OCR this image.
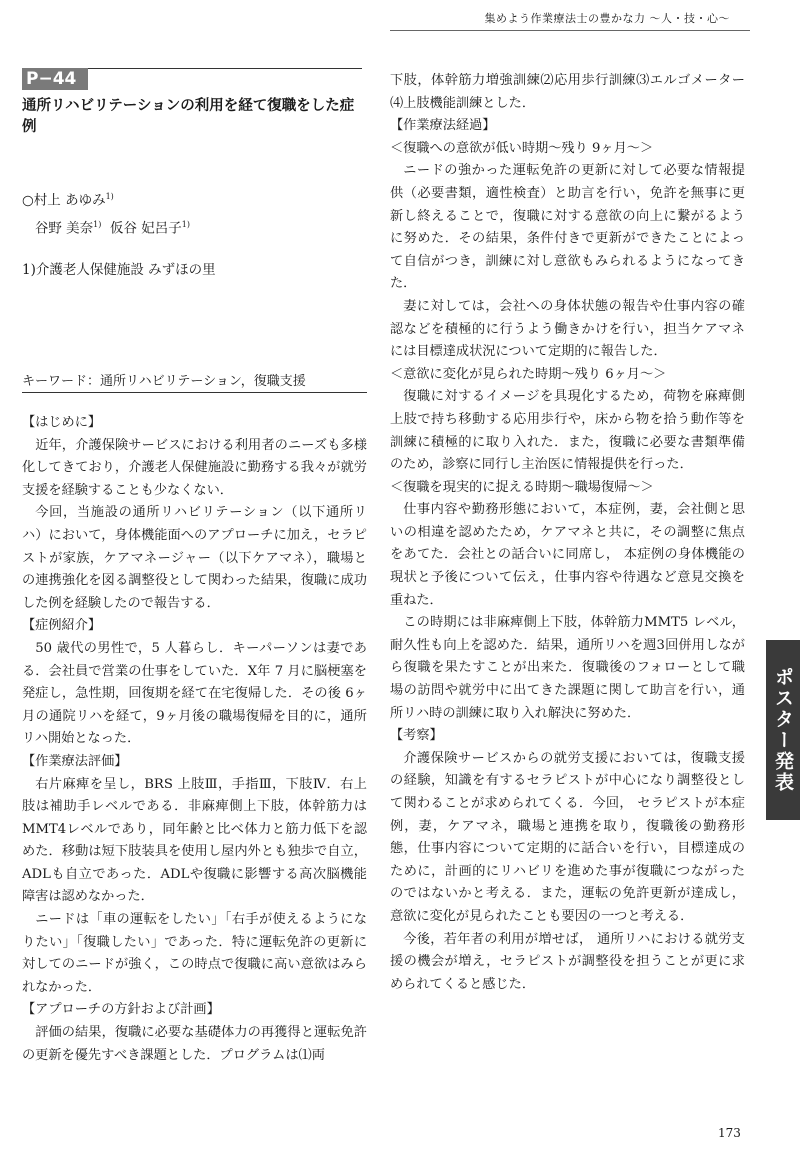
集めよう作業療法士の豊かな力 〜人・技・心〜
P−44
通所リハビリテーションの利用を経て復職をした症例
○村上 あゆみ$^{1)}$
谷野 美奈$^{1)}$ 仮谷 妃呂子$^{1)}$
1)介護老人保健施設 みずほの里
キーワード：通所リハビリテーション，復職支援

【はじめに】

近年，介護保険サービスにおける利用者のニーズも多様化してきており，介護老人保健施設に勤務する我々が就労支援を経験することも少なくない．

今回，当施設の通所リハビリテーション（以下通所リハ）において，身体機能面へのアプローチに加え，セラピストが家族，ケアマネージャー（以下ケアマネ），職場との連携強化を図る調整役として関わった結果，復職に成功した例を経験したので報告する．

【症例紹介】

50 歳代の男性で，5 人暮らし．キーパーソンは妻である．会社員で営業の仕事をしていた．X年 7 月に脳梗塞を発症し，急性期，回復期を経て在宅復帰した．その後 6ヶ月の通院リハを経て，9ヶ月後の職場復帰を目的に，通所リハ開始となった．

【作業療法評価】

右片麻痺を呈し，BRS 上肢Ⅲ，手指Ⅲ，下肢Ⅳ．右上肢は補助手レベルである．非麻痺側上下肢，体幹筋力は MMT4レベルであり，同年齢と比べ体力と筋力低下を認めた．移動は短下肢装具を使用し屋内外とも独歩で自立，ADLも自立であった．ADLや復職に影響する高次脳機能障害は認めなかった．

ニードは「車の運転をしたい」「右手が使えるようになりたい」「復職したい」であった．特に運転免許の更新に対してのニードが強く，この時点で復職に高い意欲はみられなかった．

【アプローチの方針および計画】

評価の結果，復職に必要な基礎体力の再獲得と運転免許の更新を優先すべき課題とした．プログラムは⑴両

下肢，体幹筋力増強訓練⑵応用歩行訓練⑶エルゴメーター⑷上肢機能訓練とした．

【作業療法経過】

＜復職への意欲が低い時期〜残り 9ヶ月〜＞

ニードの強かった運転免許の更新に対して必要な情報提供（必要書類，適性検査）と助言を行い，免許を無事に更新し終えることで，復職に対する意欲の向上に繋がるように努めた．その結果，条件付きで更新ができたことによって自信がつき，訓練に対し意欲もみられるようになってきた．

妻に対しては，会社への身体状態の報告や仕事内容の確認などを積極的に行うよう働きかけを行い，担当ケアマネには目標達成状況について定期的に報告した．

＜意欲に変化が見られた時期〜残り 6ヶ月〜＞

復職に対するイメージを具現化するため，荷物を麻痺側上肢で持ち移動する応用歩行や，床から物を拾う動作等を訓練に積極的に取り入れた．また，復職に必要な書類準備のため，診察に同行し主治医に情報提供を行った．

＜復職を現実的に捉える時期〜職場復帰〜＞

仕事内容や勤務形態において，本症例，妻，会社側と思いの相違を認めたため，ケアマネと共に，その調整に焦点をあてた．会社との話合いに同席し， 本症例の身体機能の現状と予後について伝え，仕事内容や待遇など意見交換を重ねた．

この時期には非麻痺側上下肢，体幹筋力MMT5 レベル，耐久性も向上を認めた．結果，通所リハを週3回併用しながら復職を果たすことが出来た．復職後のフォローとして職場の訪問や就労中に出てきた課題に関して助言を行い，通所リハ時の訓練に取り入れ解決に努めた．

【考察】

介護保険サービスからの就労支援においては，復職支援の経験，知識を有するセラピストが中心になり調整役として関わることが求められてくる．今回， セラピストが本症例，妻，ケアマネ，職場と連携を取り，復職後の勤務形態，仕事内容について定期的に話合いを行い，目標達成のために，計画的にリハビリを進めた事が復職につながったのではないかと考える．また，運転の免許更新が達成し，意欲に変化が見られたことも要因の一つと考える．

今後，若年者の利用が増せば， 通所リハにおける就労支援の機会が増え，セラピストが調整役を担うことが更に求められてくると感じた．

ポスター発表
173
